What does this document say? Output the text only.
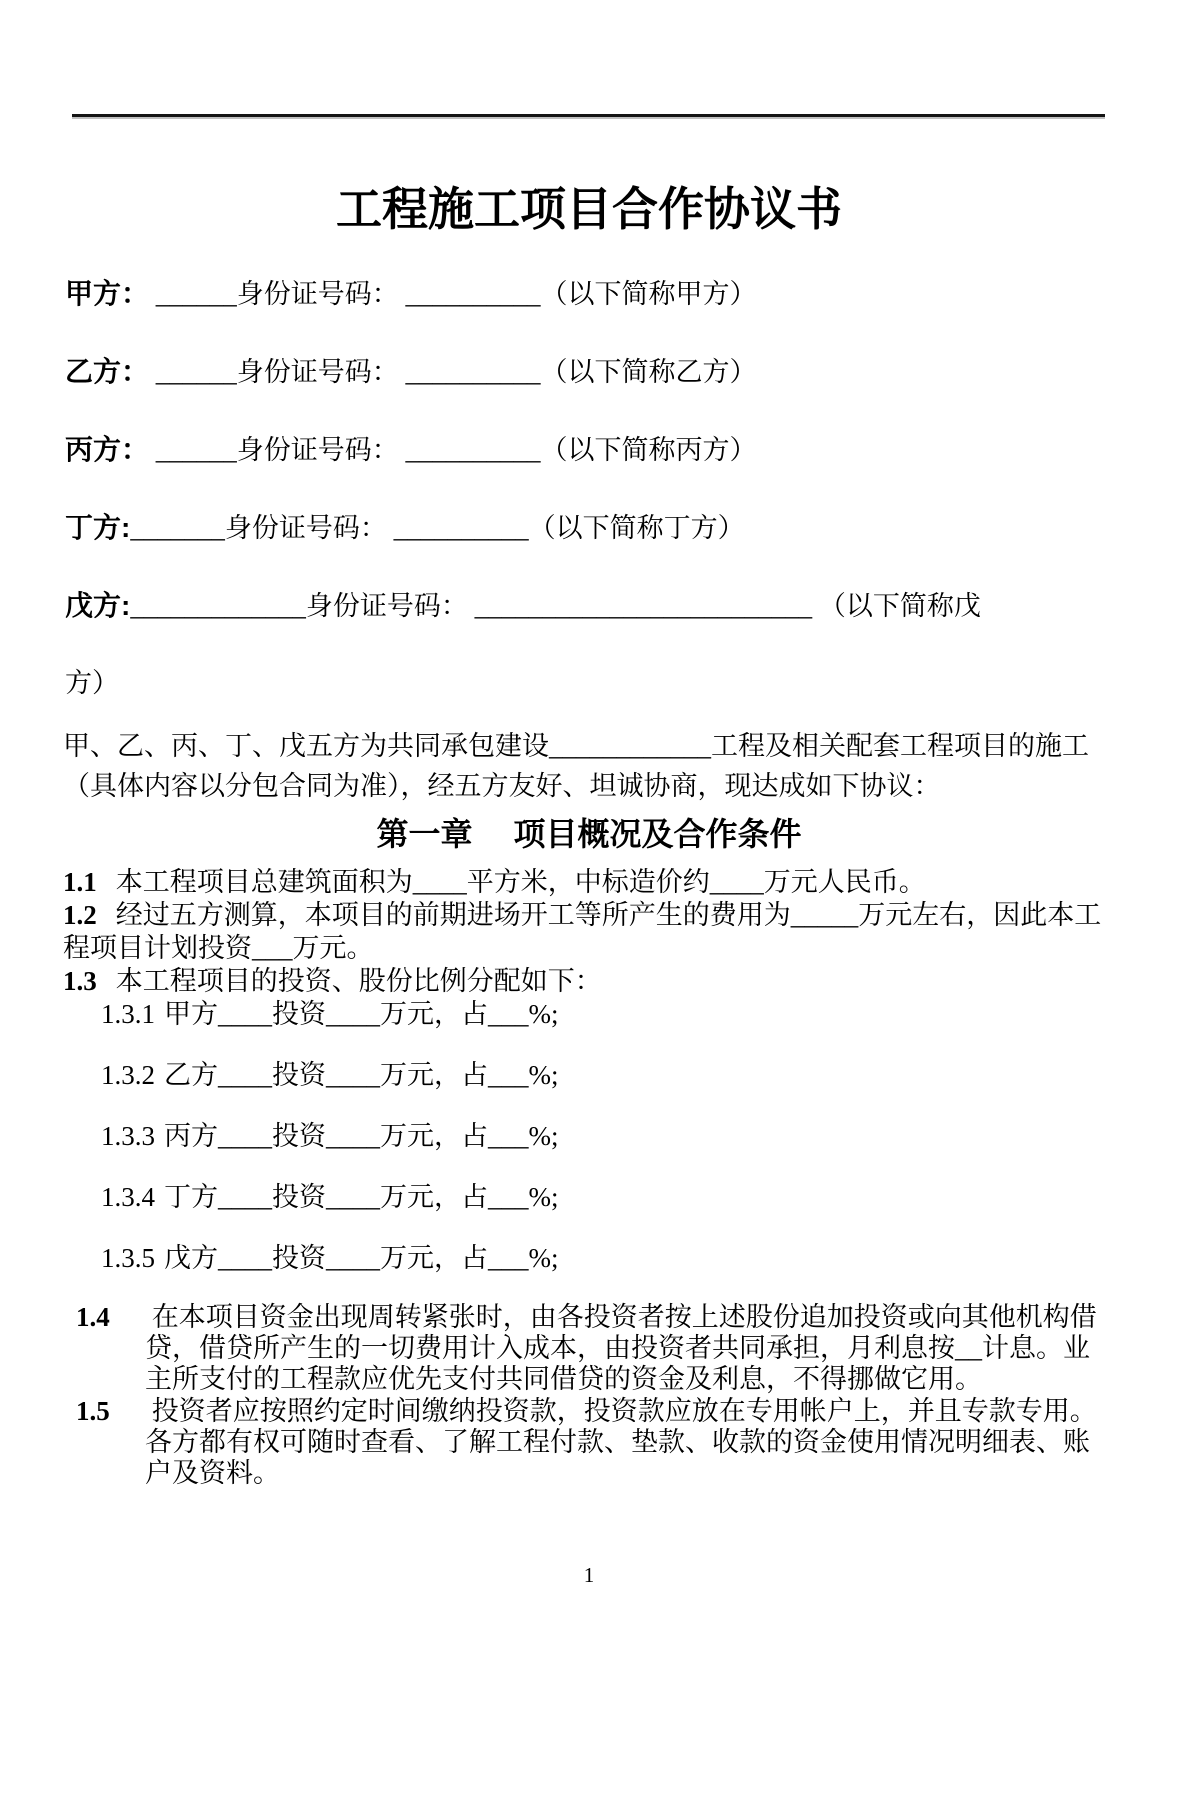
工程施工项目合作协议书
甲方： ______身份证号码： __________（以下简称甲方）
乙方： ______身份证号码： __________（以下简称乙方）
丙方： ______身份证号码： __________（以下简称丙方）
丁方:_______身份证号码： __________（以下简称丁方）
戊方:_____________身份证号码： _________________________ （以下简称戊
方）
甲、乙、丙、丁、戊五方为共同承包建设____________工程及相关配套工程项目的施工（具体内容以分包合同为准），经五方友好、坦诚协商，现达成如下协议：
第一章　 项目概况及合作条件
1.1 本工程项目总建筑面积为____平方米，中标造价约____万元人民币。
1.2 经过五方测算，本项目的前期进场开工等所产生的费用为_____万元左右，因此本工程项目计划投资___万元。
1.3 本工程项目的投资、股份比例分配如下：
1.3.1 甲方____投资____万元，占___%;
1.3.2 乙方____投资____万元，占___%;
1.3.3 丙方____投资____万元，占___%;
1.3.4 丁方____投资____万元，占___%;
1.3.5 戊方____投资____万元，占___%;
1.4	在本项目资金出现周转紧张时，由各投资者按上述股份追加投资或向其他机构借贷，借贷所产生的一切费用计入成本，由投资者共同承担，月利息按__计息。业主所支付的工程款应优先支付共同借贷的资金及利息，不得挪做它用。
1.5	投资者应按照约定时间缴纳投资款，投资款应放在专用帐户上，并且专款专用。各方都有权可随时查看、了解工程付款、垫款、收款的资金使用情况明细表、账户及资料。
1
